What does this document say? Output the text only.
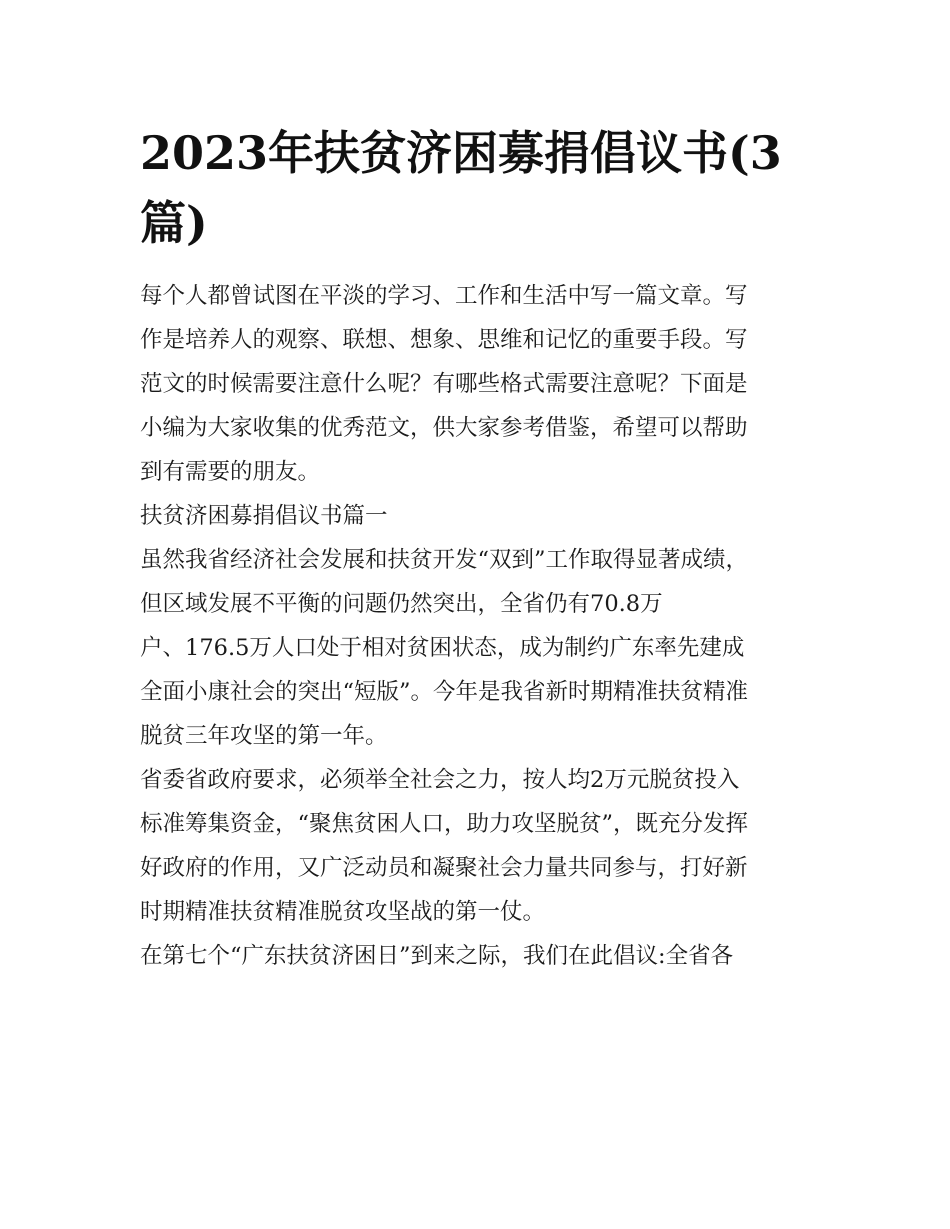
2023年扶贫济困募捐倡议书(3篇)
每个人都曾试图在平淡的学习、工作和生活中写一篇文章。写
作是培养人的观察、联想、想象、思维和记忆的重要手段。写
范文的时候需要注意什么呢？有哪些格式需要注意呢？下面是
小编为大家收集的优秀范文，供大家参考借鉴，希望可以帮助
到有需要的朋友。
扶贫济困募捐倡议书篇一
虽然我省经济社会发展和扶贫开发“双到”工作取得显著成绩，
但区域发展不平衡的问题仍然突出，全省仍有70.8万
户、176.5万人口处于相对贫困状态，成为制约广东率先建成
全面小康社会的突出“短版”。今年是我省新时期精准扶贫精准
脱贫三年攻坚的第一年。
省委省政府要求，必须举全社会之力，按人均2万元脱贫投入
标准筹集资金，“聚焦贫困人口，助力攻坚脱贫”，既充分发挥
好政府的作用，又广泛动员和凝聚社会力量共同参与，打好新
时期精准扶贫精准脱贫攻坚战的第一仗。
在第七个“广东扶贫济困日”到来之际，我们在此倡议:全省各
